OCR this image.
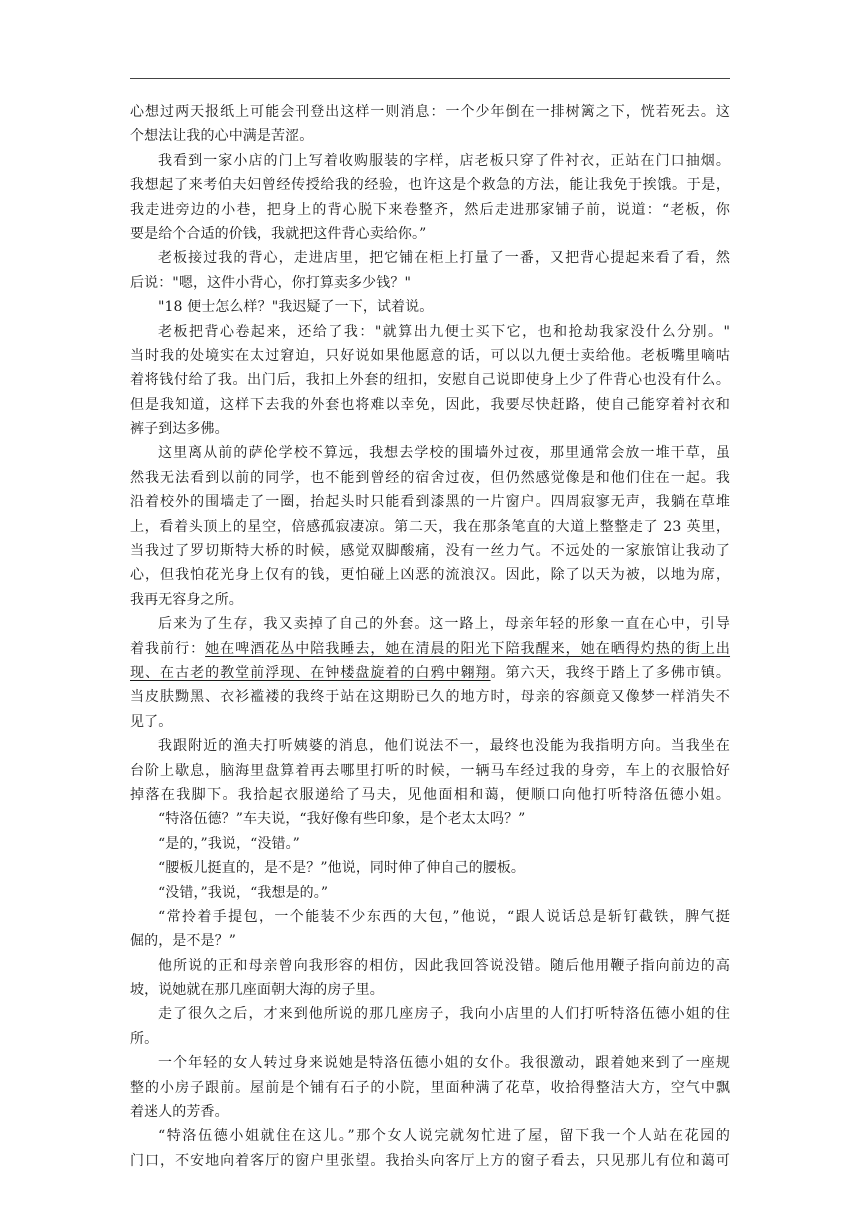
心想过两天报纸上可能会刊登出这样一则消息：一个少年倒在一排树篱之下，恍若死去。这
个想法让我的心中满是苦涩。
我看到一家小店的门上写着收购服装的字样，店老板只穿了件衬衣，正站在门口抽烟。
我想起了来考伯夫妇曾经传授给我的经验，也许这是个救急的方法，能让我免于挨饿。于是，
我走进旁边的小巷，把身上的背心脱下来卷整齐，然后走进那家铺子前，说道：“老板，你
要是给个合适的价钱，我就把这件背心卖给你。”
老板接过我的背心，走进店里，把它铺在柜上打量了一番，又把背心提起来看了看，然
后说："嗯，这件小背心，你打算卖多少钱？"
"18 便士怎么样？"我迟疑了一下，试着说。
老板把背心卷起来，还给了我："就算出九便士买下它，也和抢劫我家没什么分别。"
当时我的处境实在太过窘迫，只好说如果他愿意的话，可以以九便士卖给他。老板嘴里嘀咕
着将钱付给了我。出门后，我扣上外套的纽扣，安慰自己说即使身上少了件背心也没有什么。
但是我知道，这样下去我的外套也将难以幸免，因此，我要尽快赶路，使自己能穿着衬衣和
裤子到达多佛。
这里离从前的萨伦学校不算远，我想去学校的围墙外过夜，那里通常会放一堆干草，虽
然我无法看到以前的同学，也不能到曾经的宿舍过夜，但仍然感觉像是和他们住在一起。我
沿着校外的围墙走了一圈，抬起头时只能看到漆黑的一片窗户。四周寂寥无声，我躺在草堆
上，看着头顶上的星空，倍感孤寂凄凉。第二天，我在那条笔直的大道上整整走了 23 英里，
当我过了罗切斯特大桥的时候，感觉双脚酸痛，没有一丝力气。不远处的一家旅馆让我动了
心，但我怕花光身上仅有的钱，更怕碰上凶恶的流浪汉。因此，除了以天为被，以地为席，
我再无容身之所。
后来为了生存，我又卖掉了自己的外套。这一路上，母亲年轻的形象一直在心中，引导
着我前行：她在啤酒花丛中陪我睡去，她在清晨的阳光下陪我醒来，她在晒得灼热的街上出
现、在古老的教堂前浮现、在钟楼盘旋着的白鸦中翱翔。第六天，我终于踏上了多佛市镇。
当皮肤黝黑、衣衫褴褛的我终于站在这期盼已久的地方时，母亲的容颜竟又像梦一样消失不
见了。
我跟附近的渔夫打听姨婆的消息，他们说法不一，最终也没能为我指明方向。当我坐在
台阶上歇息，脑海里盘算着再去哪里打听的时候，一辆马车经过我的身旁，车上的衣服恰好
掉落在我脚下。我拾起衣服递给了马夫，见他面相和蔼，便顺口向他打听特洛伍德小姐。
“特洛伍德？”车夫说，“我好像有些印象，是个老太太吗？”
“是的，”我说，“没错。”
“腰板儿挺直的，是不是？”他说，同时伸了伸自己的腰板。
“没错，”我说，“我想是的。”
“常拎着手提包，一个能装不少东西的大包，”他说，“跟人说话总是斩钉截铁，脾气挺
倔的，是不是？”
他所说的正和母亲曾向我形容的相仿，因此我回答说没错。随后他用鞭子指向前边的高
坡，说她就在那几座面朝大海的房子里。
走了很久之后，才来到他所说的那几座房子，我向小店里的人们打听特洛伍德小姐的住
所。
一个年轻的女人转过身来说她是特洛伍德小姐的女仆。我很激动，跟着她来到了一座规
整的小房子跟前。屋前是个铺有石子的小院，里面种满了花草，收拾得整洁大方，空气中飘
着迷人的芳香。
“特洛伍德小姐就住在这儿。”那个女人说完就匆忙进了屋，留下我一个人站在花园的
门口，不安地向着客厅的窗户里张望。我抬头向客厅上方的窗子看去，只见那儿有位和蔼可
